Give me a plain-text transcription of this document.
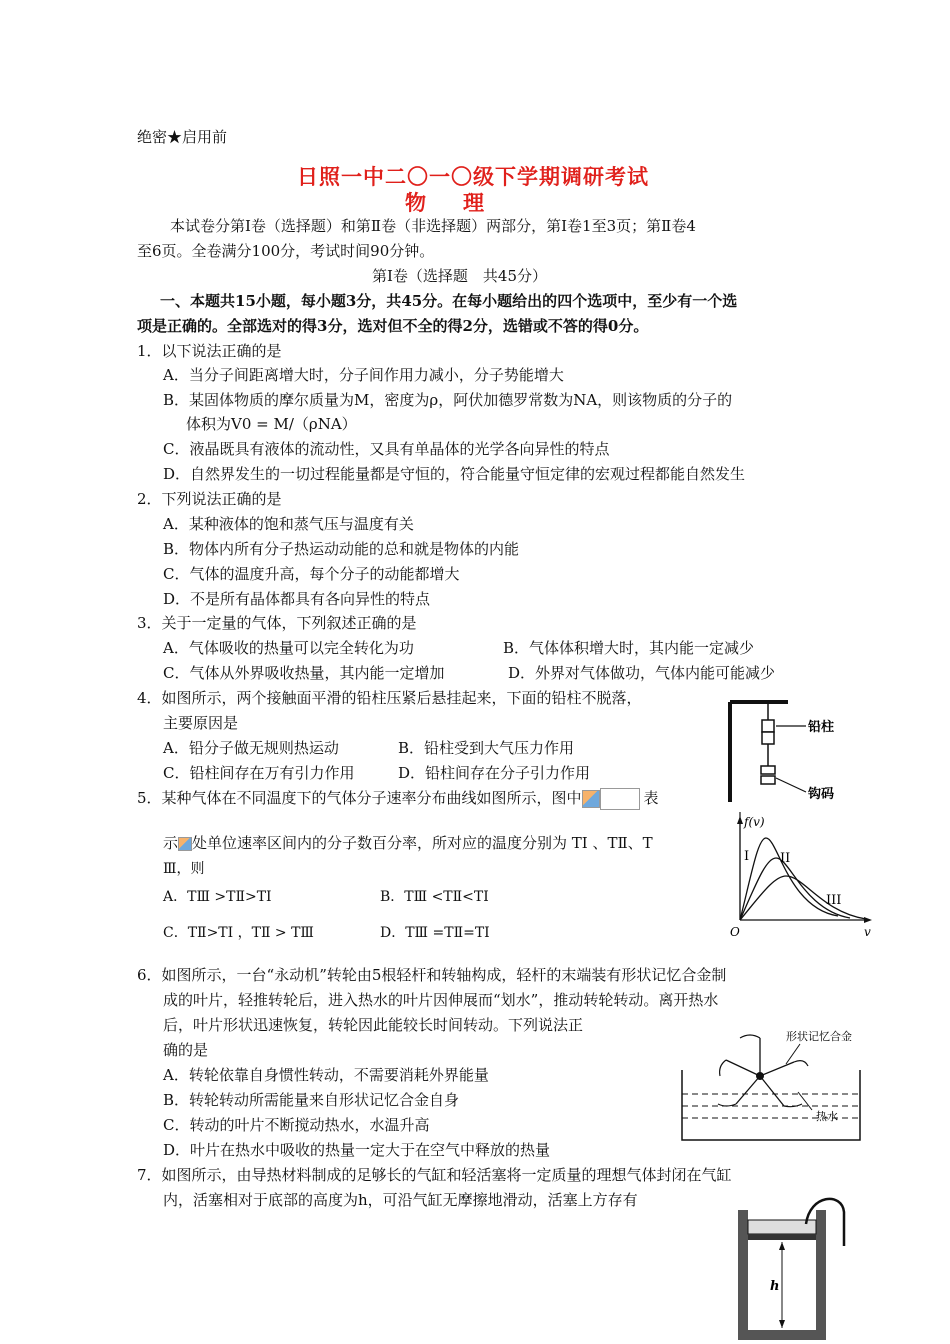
绝密★启用前
日照一中二〇一〇级下学期调研考试
物　理
本试卷分第Ⅰ卷（选择题）和第Ⅱ卷（非选择题）两部分，第Ⅰ卷1至3页；第Ⅱ卷4
至6页。全卷满分100分，考试时间90分钟。
第Ⅰ卷（选择题　共45分）
一、本题共15小题，每小题3分，共45分。在每小题给出的四个选项中，至少有一个选
项是正确的。全部选对的得3分，选对但不全的得2分，选错或不答的得0分。
1．以下说法正确的是
A．当分子间距离增大时，分子间作用力减小，分子势能增大
B．某固体物质的摩尔质量为M，密度为ρ，阿伏加德罗常数为NA，则该物质的分子的
体积为V0 = M/（ρNA）
C．液晶既具有液体的流动性，又具有单晶体的光学各向异性的特点
D．自然界发生的一切过程能量都是守恒的，符合能量守恒定律的宏观过程都能自然发生
2．下列说法正确的是
A．某种液体的饱和蒸气压与温度有关
B．物体内所有分子热运动动能的总和就是物体的内能
C．气体的温度升高，每个分子的动能都增大
D．不是所有晶体都具有各向异性的特点
3．关于一定量的气体，下列叙述正确的是
A．气体吸收的热量可以完全转化为功	B．气体体积增大时，其内能一定减少
C．气体从外界吸收热量，其内能一定增加	D．外界对气体做功，气体内能可能减少
4．如图所示，两个接触面平滑的铅柱压紧后悬挂起来，下面的铅柱不脱落，
主要原因是
A．铅分子做无规则热运动	B．铅柱受到大气压力作用
C．铅柱间存在万有引力作用	D．铅柱间存在分子引力作用
铅柱
钩码
5．某种气体在不同温度下的气体分子速率分布曲线如图所示，图中	表
示 处单位速率区间内的分子数百分率，所对应的温度分别为 TⅠ 、TⅡ、T
Ⅲ，则
A．TⅢ >TⅡ>TⅠ	B．TⅢ <TⅡ<TⅠ
C．TⅡ>TⅠ ，TⅡ > TⅢ	D．TⅢ =TⅡ=TⅠ
f(v)
v
O
I II
III
6．如图所示，一台“永动机”转轮由5根轻杆和转轴构成，轻杆的末端装有形状记忆合金制
成的叶片，轻推转轮后，进入热水的叶片因伸展而“划水”，推动转轮转动。离开热水
后，叶片形状迅速恢复，转轮因此能较长时间转动。下列说法正
确的是
A．转轮依靠自身惯性转动，不需要消耗外界能量
B．转轮转动所需能量来自形状记忆合金自身
C．转动的叶片不断搅动热水，水温升高
D．叶片在热水中吸收的热量一定大于在空气中释放的热量
形状记忆合金
热水
7．如图所示，由导热材料制成的足够长的气缸和轻活塞将一定质量的理想气体封闭在气缸
内，活塞相对于底部的高度为h，可沿气缸无摩擦地滑动，活塞上方存有
h
